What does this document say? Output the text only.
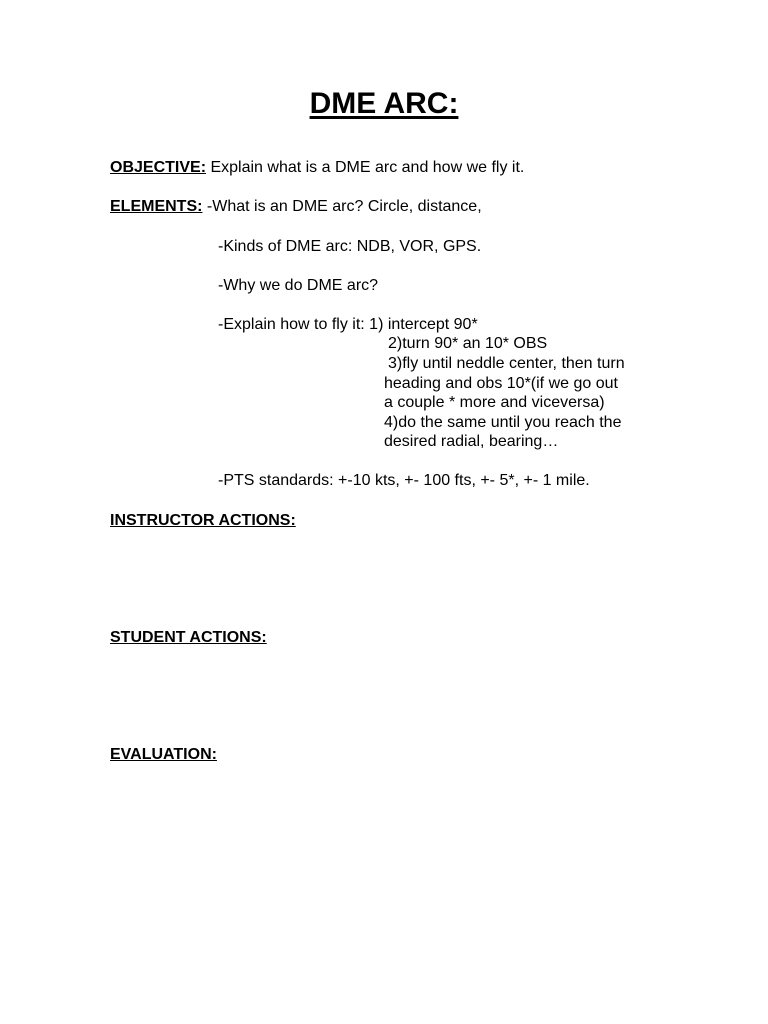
DME ARC:
OBJECTIVE: Explain what is a DME arc and how we fly it.
ELEMENTS: -What is an DME arc? Circle, distance,
-Kinds of DME arc: NDB, VOR, GPS.
-Why we do DME arc?
-Explain how to fly it: 1) intercept 90*
2)turn 90* an 10* OBS
3)fly until neddle center, then turn
heading and obs 10*(if we go out
a couple * more and viceversa)
4)do the same until you reach the
desired radial, bearing…
-PTS standards: +-10 kts, +- 100 fts, +- 5*, +- 1 mile.
INSTRUCTOR ACTIONS:
STUDENT ACTIONS:
EVALUATION:
